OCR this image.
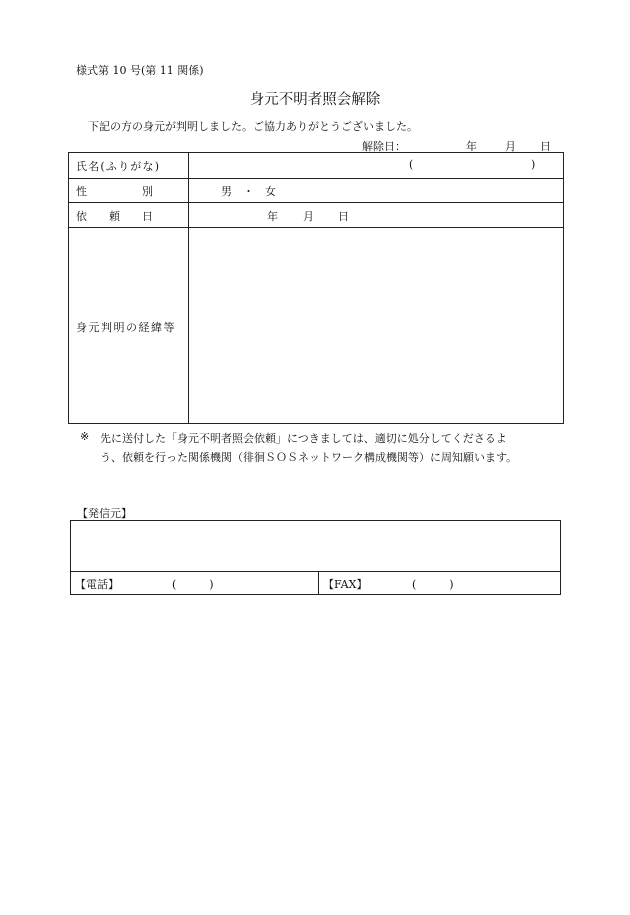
様式第 10 号(第 11 関係)
身元不明者照会解除
下記の方の身元が判明しました。ご協力ありがとうございました。
解除日：	年	月 日
氏名(ふりがな)	(	)
性　　　　　別	男　・　女
依　　頼　　日	年 月 日
身元判明の経緯等
※ 先に送付した「身元不明者照会依頼」につきましては、適切に処分してくださるよ
う、依頼を行った関係機関（徘徊ＳＯＳネットワーク構成機関等）に周知願います。
【発信元】
【電話】	(　　　)	【FAX】	(　　　)
